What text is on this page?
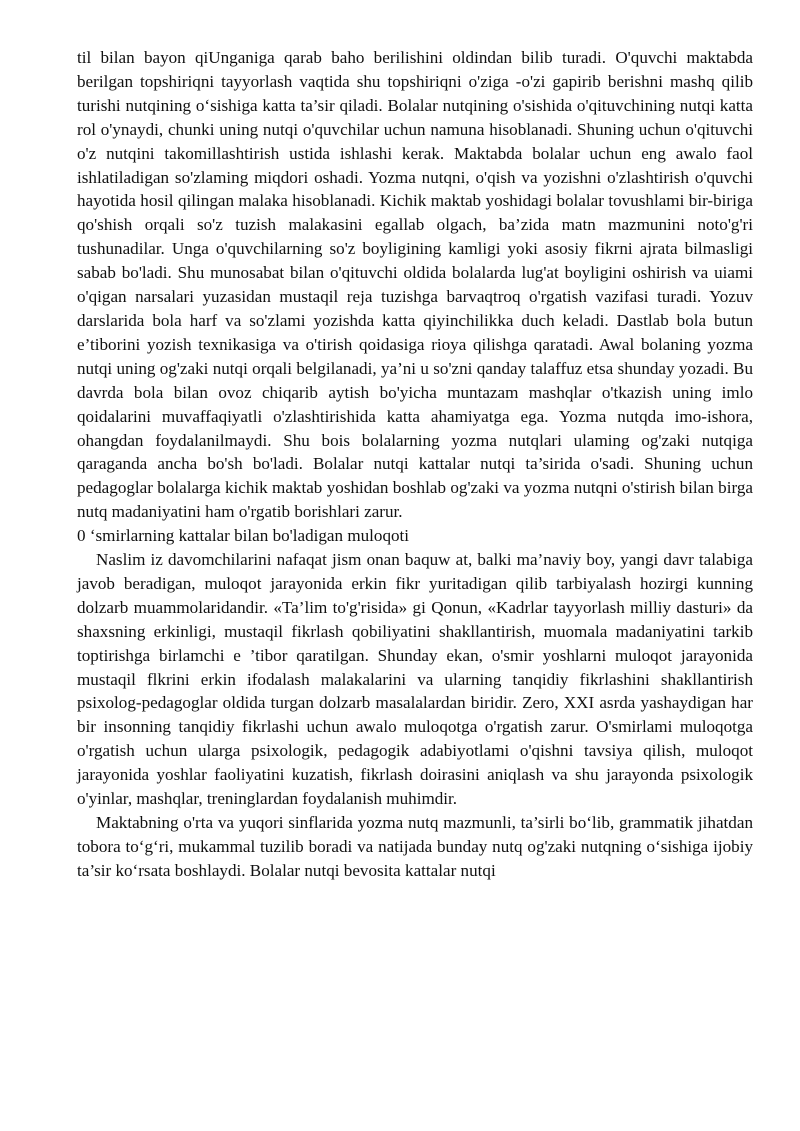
til bilan bayon qiUnganiga qarab baho berilishini oldindan bilib turadi. O'quvchi maktabda berilgan topshiriqni tayyorlash vaqtida shu topshiriqni o'ziga -o'zi gapirib berishni mashq qilib turishi nutqining o‘sishiga katta ta’sir qiladi. Bolalar nutqining o'sishida o'qituvchining nutqi katta rol o'ynaydi, chunki uning nutqi o'quvchilar uchun namuna hisoblanadi. Shuning uchun o'qituvchi o'z nutqini takomillashtirish ustida ishlashi kerak. Maktabda bolalar uchun eng awalo faol ishlatiladigan so'zlaming miqdori oshadi. Yozma nutqni, o'qish va yozishni o'zlashtirish o'quvchi hayotida hosil qilingan malaka hisoblanadi. Kichik maktab yoshidagi bolalar tovushlami bir-biriga qo'shish orqali so'z tuzish malakasini egallab olgach, ba’zida matn mazmunini noto'g'ri tushunadilar. Unga o'quvchilarning so'z boyligining kamligi yoki asosiy fikrni ajrata bilmasligi sabab bo'ladi. Shu munosabat bilan o'qituvchi oldida bolalarda lug'at boyligini oshirish va uiami o'qigan narsalari yuzasidan mustaqil reja tuzishga barvaqtroq o'rgatish vazifasi turadi. Yozuv darslarida bola harf va so'zlami yozishda katta qiyinchilikka duch keladi. Dastlab bola butun e’tiborini yozish texnikasiga va o'tirish qoidasiga rioya qilishga qaratadi. Awal bolaning yozma nutqi uning og'zaki nutqi orqali belgilanadi, ya’ni u so'zni qanday talaffuz etsa shunday yozadi. Bu davrda bola bilan ovoz chiqarib aytish bo'yicha muntazam mashqlar o'tkazish uning imlo qoidalarini muvaffaqiyatli o'zlashtirishida katta ahamiyatga ega. Yozma nutqda imo-ishora, ohangdan foydalanilmaydi. Shu bois bolalarning yozma nutqlari ulaming og'zaki nutqiga qaraganda ancha bo'sh bo'ladi. Bolalar nutqi kattalar nutqi ta’sirida o'sadi. Shuning uchun pedagoglar bolalarga kichik maktab yoshidan boshlab og'zaki va yozma nutqni o'stirish bilan birga nutq madaniyatini ham o'rgatib borishlari zarur.

0 ‘smirlarning kattalar bilan bo'ladigan muloqoti

Naslim iz davomchilarini nafaqat jism onan baquw at, balki ma’naviy boy, yangi davr talabiga javob beradigan, muloqot jarayonida erkin fikr yuritadigan qilib tarbiyalash hozirgi kunning dolzarb muammolaridandir. «Ta’lim to'g'risida» gi Qonun, «Kadrlar tayyorlash milliy dasturi» da shaxsning erkinligi, mustaqil fikrlash qobiliyatini shakllantirish, muomala madaniyatini tarkib toptirishga birlamchi e ’tibor qaratilgan. Shunday ekan, o'smir yoshlarni muloqot jarayonida mustaqil flkrini erkin ifodalash malakalarini va ularning tanqidiy fikrlashini shakllantirish psixolog-pedagoglar oldida turgan dolzarb masalalardan biridir. Zero, XXI asrda yashaydigan har bir insonning tanqidiy fikrlashi uchun awalo muloqotga o'rgatish zarur. O'smirlami muloqotga o'rgatish uchun ularga psixologik, pedagogik adabiyotlami o'qishni tavsiya qilish, muloqot jarayonida yoshlar faoliyatini kuzatish, fikrlash doirasini aniqlash va shu jarayonda psixologik o'yinlar, mashqlar, treninglardan foydalanish muhimdir.

Maktabning o'rta va yuqori sinflarida yozma nutq mazmunli, ta’sirli bo‘lib, grammatik jihatdan tobora to‘g‘ri, mukammal tuzilib boradi va natijada bunday nutq og'zaki nutqning o‘sishiga ijobiy ta’sir ko‘rsata boshlaydi. Bolalar nutqi bevosita kattalar nutqi
